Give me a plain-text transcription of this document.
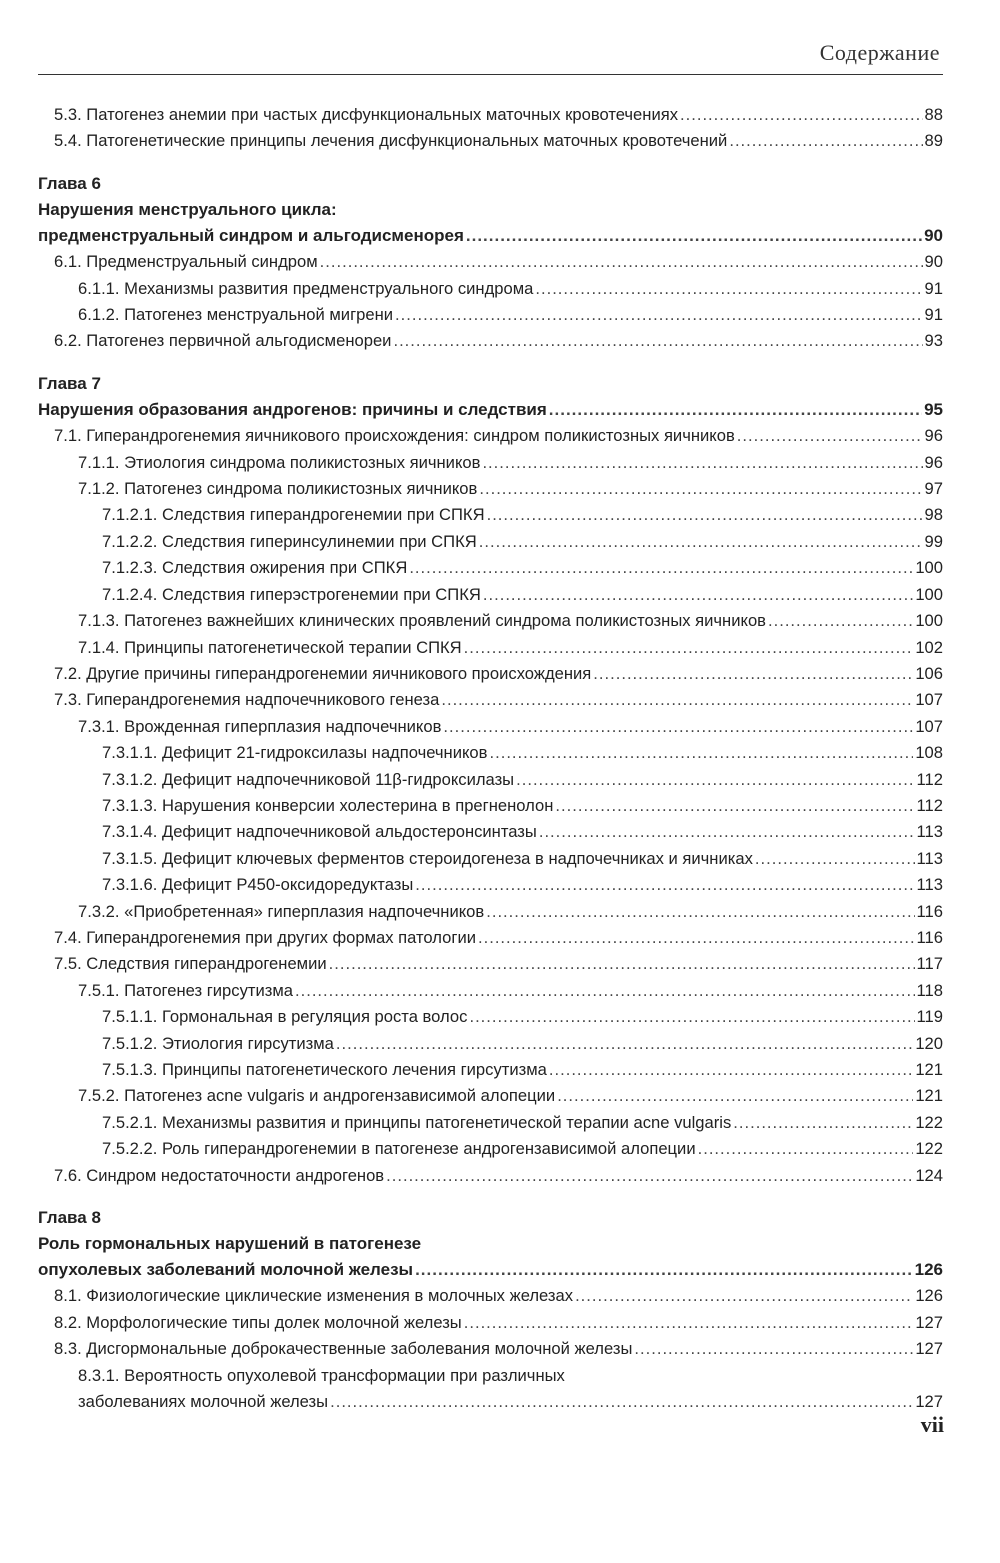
Содержание
5.3. Патогенез анемии при частых дисфункциональных маточных кровотечениях .....	88
5.4. Патогенетические принципы лечения дисфункциональных маточных кровотечений .....	89
Глава 6
Нарушения менструального цикла:
предменструальный синдром и альгодисменорея .....	90
6.1. Предменструальный синдром .....	90
6.1.1. Механизмы развития предменструального синдрома .....	91
6.1.2. Патогенез менструальной мигрени .....	91
6.2. Патогенез первичной альгодисменореи .....	93
Глава 7
Нарушения образования андрогенов: причины и следствия .....	95
7.1. Гиперандрогенемия яичникового происхождения: синдром поликистозных яичников .....	96
7.1.1. Этиология синдрома поликистозных яичников .....	96
7.1.2. Патогенез синдрома поликистозных яичников .....	97
7.1.2.1. Следствия гиперандрогенемии при СПКЯ .....	98
7.1.2.2. Следствия гиперинсулинемии при СПКЯ .....	99
7.1.2.3. Следствия ожирения при СПКЯ .....	100
7.1.2.4. Следствия гиперэстрогенемии при СПКЯ .....	100
7.1.3. Патогенез важнейших клинических проявлений синдрома поликистозных яичников .....	100
7.1.4. Принципы патогенетической терапии СПКЯ .....	102
7.2. Другие причины гиперандрогенемии яичникового происхождения .....	106
7.3. Гиперандрогенемия надпочечникового генеза .....	107
7.3.1. Врожденная гиперплазия надпочечников .....	107
7.3.1.1. Дефицит 21-гидроксилазы надпочечников .....	108
7.3.1.2. Дефицит надпочечниковой 11β-гидроксилазы .....	112
7.3.1.3. Нарушения конверсии холестерина в прегненолон .....	112
7.3.1.4. Дефицит надпочечниковой альдостеронсинтазы .....	113
7.3.1.5. Дефицит ключевых ферментов стероидогенеза в надпочечниках и яичниках .....	113
7.3.1.6. Дефицит P450-оксидоредуктазы .....	113
7.3.2. «Приобретенная» гиперплазия надпочечников .....	116
7.4. Гиперандрогенемия при других формах патологии .....	116
7.5. Следствия гиперандрогенемии .....	117
7.5.1. Патогенез гирсутизма .....	118
7.5.1.1. Гормональная в регуляция роста волос .....	119
7.5.1.2. Этиология гирсутизма .....	120
7.5.1.3. Принципы патогенетического лечения гирсутизма .....	121
7.5.2. Патогенез acne vulgaris и андрогензависимой алопеции .....	121
7.5.2.1. Механизмы развития и принципы патогенетической терапии acne vulgaris .....	122
7.5.2.2. Роль гиперандрогенемии в патогенезе андрогензависимой алопеции .....	122
7.6. Синдром недостаточности андрогенов .....	124
Глава 8
Роль гормональных нарушений в патогенезе
опухолевых заболеваний молочной железы .....	126
8.1. Физиологические циклические изменения в молочных железах .....	126
8.2. Морфологические типы долек молочной железы .....	127
8.3. Дисгормональные доброкачественные заболевания молочной железы .....	127
8.3.1. Вероятность опухолевой трансформации при различных
заболеваниях молочной железы .....	127
vii
